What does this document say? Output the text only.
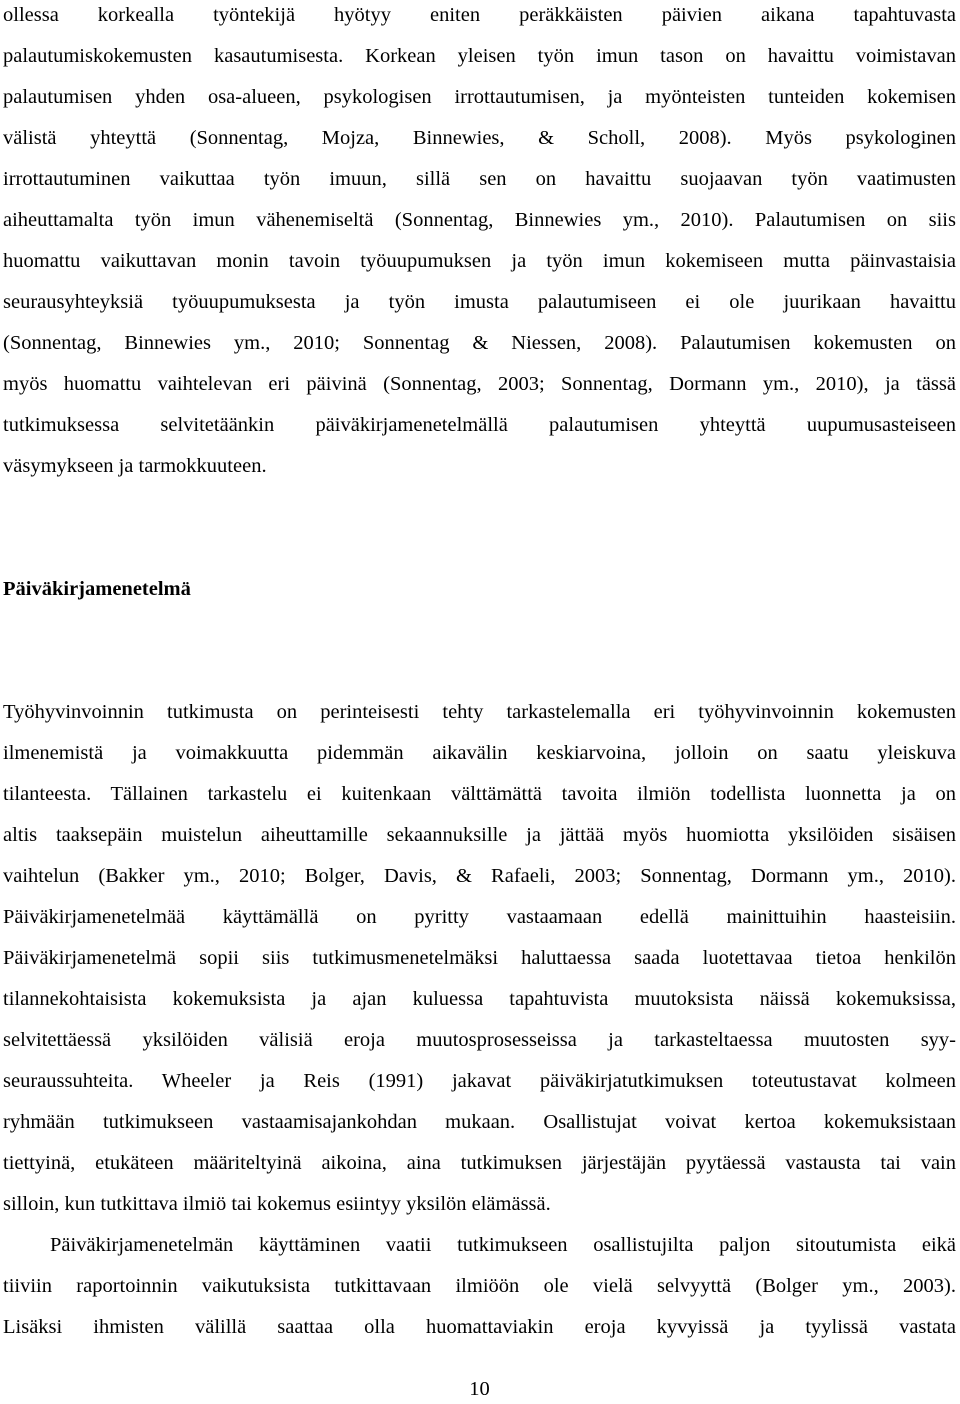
ollessa korkealla työntekijä hyötyy eniten peräkkäisten päivien aikana tapahtuvasta
palautumiskokemusten kasautumisesta. Korkean yleisen työn imun tason on havaittu voimistavan
palautumisen yhden osa-alueen, psykologisen irrottautumisen, ja myönteisten tunteiden kokemisen
välistä yhteyttä (Sonnentag, Mojza, Binnewies, & Scholl, 2008). Myös psykologinen
irrottautuminen vaikuttaa työn imuun, sillä sen on havaittu suojaavan työn vaatimusten
aiheuttamalta työn imun vähenemiseltä (Sonnentag, Binnewies ym., 2010). Palautumisen on siis
huomattu vaikuttavan monin tavoin työuupumuksen ja työn imun kokemiseen mutta päinvastaisia
seurausyhteyksiä työuupumuksesta ja työn imusta palautumiseen ei ole juurikaan havaittu
(Sonnentag, Binnewies ym., 2010; Sonnentag & Niessen, 2008). Palautumisen kokemusten on
myös huomattu vaihtelevan eri päivinä (Sonnentag, 2003; Sonnentag, Dormann ym., 2010), ja tässä
tutkimuksessa selvitetäänkin päiväkirjamenetelmällä palautumisen yhteyttä uupumusasteiseen
väsymykseen ja tarmokkuuteen.
Päiväkirjamenetelmä
Työhyvinvoinnin tutkimusta on perinteisesti tehty tarkastelemalla eri työhyvinvoinnin kokemusten
ilmenemistä ja voimakkuutta pidemmän aikavälin keskiarvoina, jolloin on saatu yleiskuva
tilanteesta. Tällainen tarkastelu ei kuitenkaan välttämättä tavoita ilmiön todellista luonnetta ja on
altis taaksepäin muistelun aiheuttamille sekaannuksille ja jättää myös huomiotta yksilöiden sisäisen
vaihtelun (Bakker ym., 2010; Bolger, Davis, & Rafaeli, 2003; Sonnentag, Dormann ym., 2010).
Päiväkirjamenetelmää käyttämällä on pyritty vastaamaan edellä mainittuihin haasteisiin.
Päiväkirjamenetelmä sopii siis tutkimusmenetelmäksi haluttaessa saada luotettavaa tietoa henkilön
tilannekohtaisista kokemuksista ja ajan kuluessa tapahtuvista muutoksista näissä kokemuksissa,
selvitettäessä yksilöiden välisiä eroja muutosprosesseissa ja tarkasteltaessa muutosten syy-
seuraussuhteita. Wheeler ja Reis (1991) jakavat päiväkirjatutkimuksen toteutustavat kolmeen
ryhmään tutkimukseen vastaamisajankohdan mukaan. Osallistujat voivat kertoa kokemuksistaan
tiettyinä, etukäteen määriteltyinä aikoina, aina tutkimuksen järjestäjän pyytäessä vastausta tai vain
silloin, kun tutkittava ilmiö tai kokemus esiintyy yksilön elämässä.
Päiväkirjamenetelmän käyttäminen vaatii tutkimukseen osallistujilta paljon sitoutumista eikä
tiiviin raportoinnin vaikutuksista tutkittavaan ilmiöön ole vielä selvyyttä (Bolger ym., 2003).
Lisäksi ihmisten välillä saattaa olla huomattaviakin eroja kyvyissä ja tyylissä vastata
10
